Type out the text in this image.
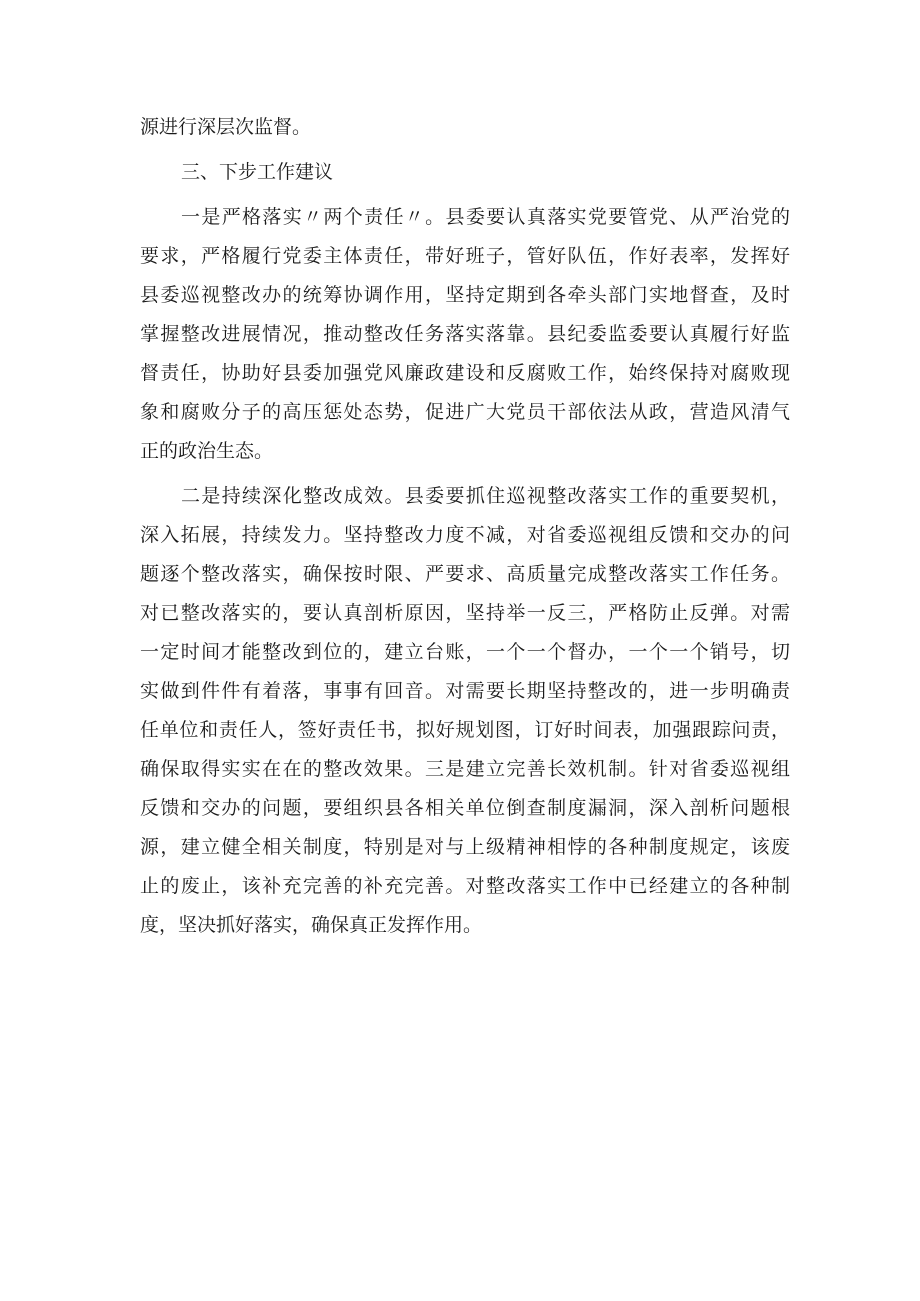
源进行深层次监督。
三、下步工作建议
一是严格落实〃两个责任〃。县委要认真落实党要管党、从严治党的
要求，严格履行党委主体责任，带好班子，管好队伍，作好表率，发挥好
县委巡视整改办的统筹协调作用，坚持定期到各牵头部门实地督查，及时
掌握整改进展情况，推动整改任务落实落靠。县纪委监委要认真履行好监
督责任，协助好县委加强党风廉政建设和反腐败工作，始终保持对腐败现
象和腐败分子的高压惩处态势，促进广大党员干部依法从政，营造风清气
正的政治生态。
二是持续深化整改成效。县委要抓住巡视整改落实工作的重要契机，
深入拓展，持续发力。坚持整改力度不减，对省委巡视组反馈和交办的问
题逐个整改落实，确保按时限、严要求、高质量完成整改落实工作任务。
对已整改落实的，要认真剖析原因，坚持举一反三，严格防止反弹。对需
一定时间才能整改到位的，建立台账，一个一个督办，一个一个销号，切
实做到件件有着落，事事有回音。对需要长期坚持整改的，进一步明确责
任单位和责任人，签好责任书，拟好规划图，订好时间表，加强跟踪问责，
确保取得实实在在的整改效果。三是建立完善长效机制。针对省委巡视组
反馈和交办的问题，要组织县各相关单位倒查制度漏洞，深入剖析问题根
源，建立健全相关制度，特别是对与上级精神相悖的各种制度规定，该废
止的废止，该补充完善的补充完善。对整改落实工作中已经建立的各种制
度，坚决抓好落实，确保真正发挥作用。
